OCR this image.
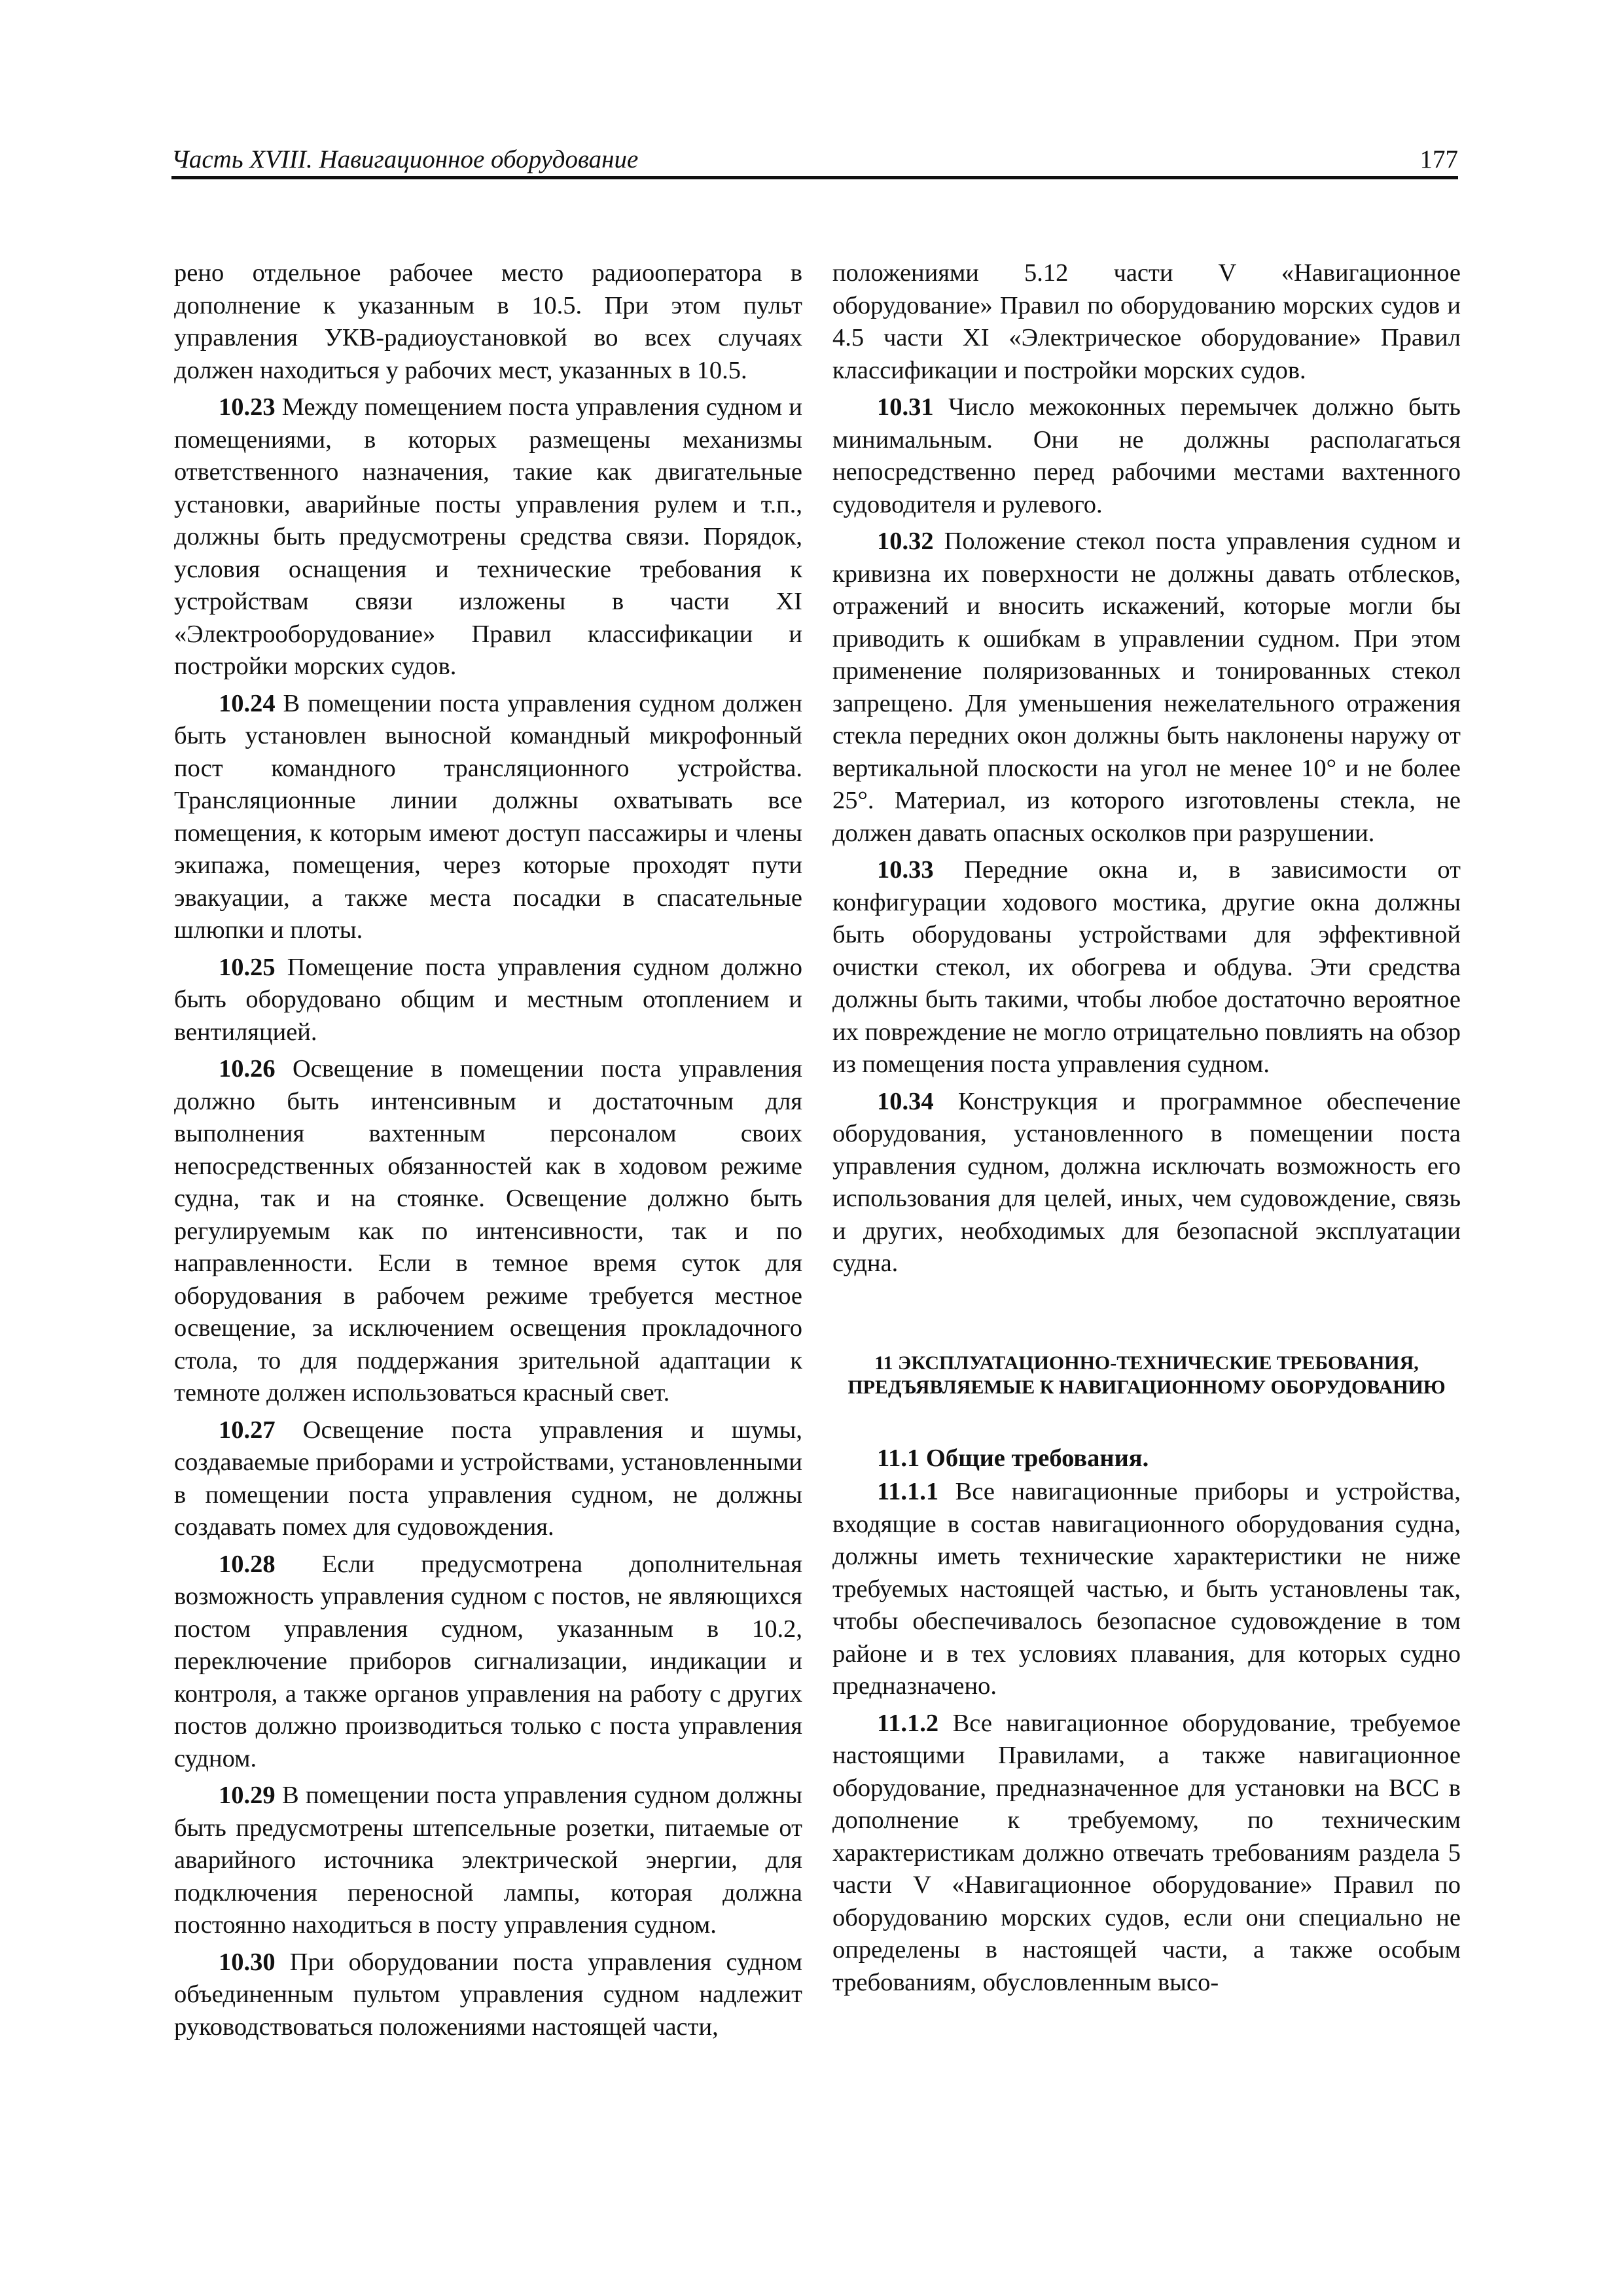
Часть XVIII. Навигационное оборудование	177

рено отдельное рабочее место радиооператора в дополнение к указанным в 10.5. При этом пульт управления УКВ-радиоустановкой во всех случаях должен находиться у рабочих мест, указанных в 10.5.

10.23 Между помещением поста управления судном и помещениями, в которых размещены механизмы ответственного назначения, такие как двигательные установки, аварийные посты управления рулем и т.п., должны быть предусмотрены средства связи. Порядок, условия оснащения и технические требования к устройствам связи изложены в части XI «Электрооборудование» Правил классификации и постройки морских судов.

10.24 В помещении поста управления судном должен быть установлен выносной командный микрофонный пост командного трансляционного устройства. Трансляционные линии должны охватывать все помещения, к которым имеют доступ пассажиры и члены экипажа, помещения, через которые проходят пути эвакуации, а также места посадки в спасательные шлюпки и плоты.

10.25 Помещение поста управления судном должно быть оборудовано общим и местным отоплением и вентиляцией.

10.26 Освещение в помещении поста управления должно быть интенсивным и достаточным для выполнения вахтенным персоналом своих непосредственных обязанностей как в ходовом режиме судна, так и на стоянке. Освещение должно быть регулируемым как по интенсивности, так и по направленности. Если в темное время суток для оборудования в рабочем режиме требуется местное освещение, за исключением освещения прокладочного стола, то для поддержания зрительной адаптации к темноте должен использоваться красный свет.

10.27 Освещение поста управления и шумы, создаваемые приборами и устройствами, установленными в помещении поста управления судном, не должны создавать помех для судовождения.

10.28 Если предусмотрена дополнительная возможность управления судном с постов, не являющихся постом управления судном, указанным в 10.2, переключение приборов сигнализации, индикации и контроля, а также органов управления на работу с других постов должно производиться только с поста управления судном.

10.29 В помещении поста управления судном должны быть предусмотрены штепсельные розетки, питаемые от аварийного источника электрической энергии, для подключения переносной лампы, которая должна постоянно находиться в посту управления судном.

10.30 При оборудовании поста управления судном объединенным пультом управления судном надлежит руководствоваться положениями настоящей части,

положениями 5.12 части V «Навигационное оборудование» Правил по оборудованию морских судов и 4.5 части XI «Электрическое оборудование» Правил классификации и постройки морских судов.

10.31 Число межоконных перемычек должно быть минимальным. Они не должны располагаться непосредственно перед рабочими местами вахтенного судоводителя и рулевого.

10.32 Положение стекол поста управления судном и кривизна их поверхности не должны давать отблесков, отражений и вносить искажений, которые могли бы приводить к ошибкам в управлении судном. При этом применение поляризованных и тонированных стекол запрещено. Для уменьшения нежелательного отражения стекла передних окон должны быть наклонены наружу от вертикальной плоскости на угол не менее 10° и не более 25°. Материал, из которого изготовлены стекла, не должен давать опасных осколков при разрушении.

10.33 Передние окна и, в зависимости от конфигурации ходового мостика, другие окна должны быть оборудованы устройствами для эффективной очистки стекол, их обогрева и обдува. Эти средства должны быть такими, чтобы любое достаточно вероятное их повреждение не могло отрицательно повлиять на обзор из помещения поста управления судном.

10.34 Конструкция и программное обеспечение оборудования, установленного в помещении поста управления судном, должна исключать возможность его использования для целей, иных, чем судовождение, связь и других, необходимых для безопасной эксплуатации судна.

11 ЭКСПЛУАТАЦИОННО-ТЕХНИЧЕСКИЕ ТРЕБОВАНИЯ, ПРЕДЪЯВЛЯЕМЫЕ К НАВИГАЦИОННОМУ ОБОРУДОВАНИЮ

11.1 Общие требования.

11.1.1 Все навигационные приборы и устройства, входящие в состав навигационного оборудования судна, должны иметь технические характеристики не ниже требуемых настоящей частью, и быть установлены так, чтобы обеспечивалось безопасное судовождение в том районе и в тех условиях плавания, для которых судно предназначено.

11.1.2 Все навигационное оборудование, требуемое настоящими Правилами, а также навигационное оборудование, предназначенное для установки на ВСС в дополнение к требуемому, по техническим характеристикам должно отвечать требованиям раздела 5 части V «Навигационное оборудование» Правил по оборудованию морских судов, если они специально не определены в настоящей части, а также особым требованиям, обусловленным высо-
